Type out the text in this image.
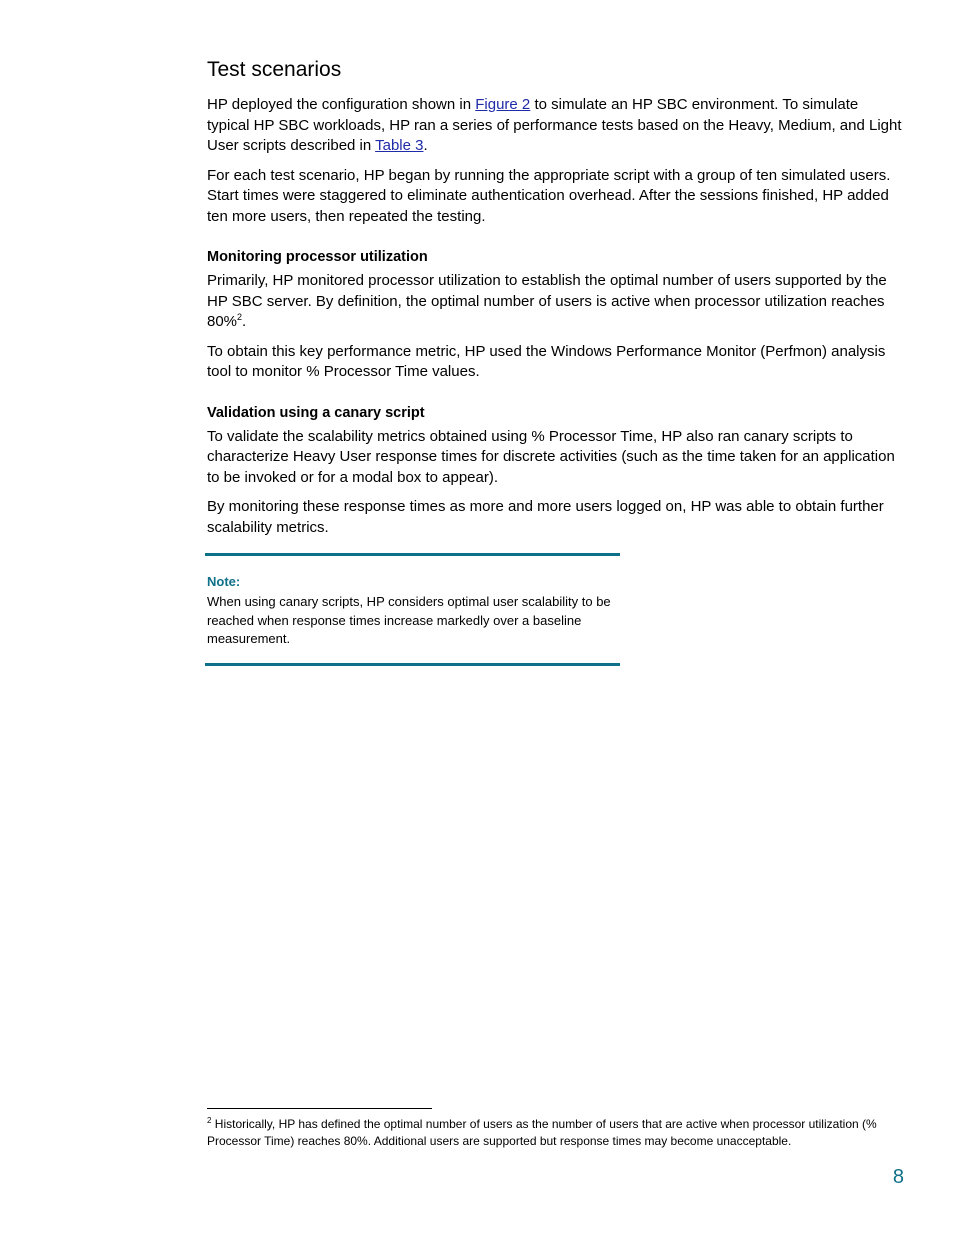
Test scenarios

HP deployed the configuration shown in Figure 2 to simulate an HP SBC environment. To simulate typical HP SBC workloads, HP ran a series of performance tests based on the Heavy, Medium, and Light User scripts described in Table 3.

For each test scenario, HP began by running the appropriate script with a group of ten simulated users. Start times were staggered to eliminate authentication overhead. After the sessions finished, HP added ten more users, then repeated the testing.

Monitoring processor utilization

Primarily, HP monitored processor utilization to establish the optimal number of users supported by the HP SBC server. By definition, the optimal number of users is active when processor utilization reaches 80%$^2$.

To obtain this key performance metric, HP used the Windows Performance Monitor (Perfmon) analysis tool to monitor % Processor Time values.

Validation using a canary script

To validate the scalability metrics obtained using % Processor Time, HP also ran canary scripts to characterize Heavy User response times for discrete activities (such as the time taken for an application to be invoked or for a modal box to appear).

By monitoring these response times as more and more users logged on, HP was able to obtain further scalability metrics.

Note:
When using canary scripts, HP considers optimal user scalability to be reached when response times increase markedly over a baseline measurement.

$^2$ Historically, HP has defined the optimal number of users as the number of users that are active when processor utilization (% Processor Time) reaches 80%. Additional users are supported but response times may become unacceptable.

8
